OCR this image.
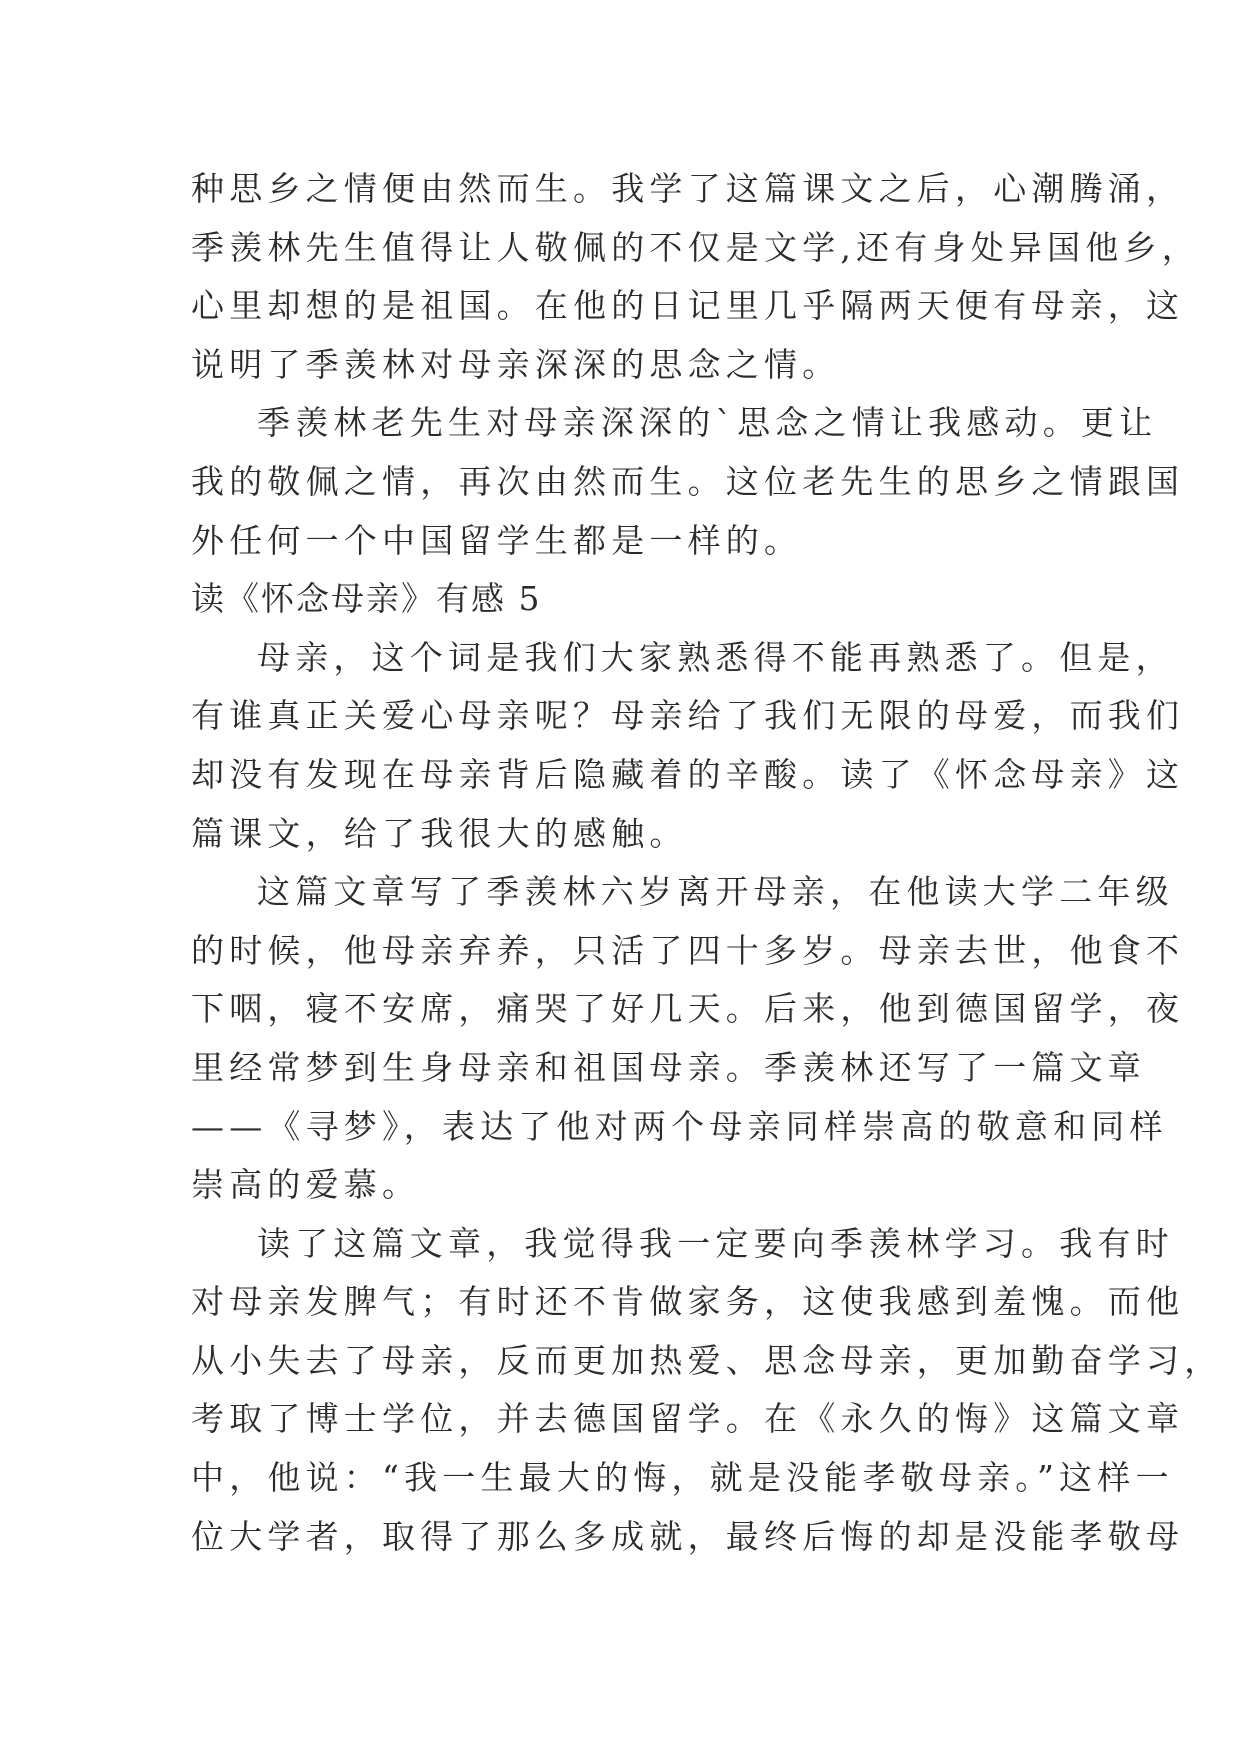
种思乡之情便由然而生。我学了这篇课文之后，心潮腾涌，
季羡林先生值得让人敬佩的不仅是文学,还有身处异国他乡，
心里却想的是祖国。在他的日记里几乎隔两天便有母亲，这
说明了季羡林对母亲深深的思念之情。
季羡林老先生对母亲深深的`思念之情让我感动。更让
我的敬佩之情，再次由然而生。这位老先生的思乡之情跟国
外任何一个中国留学生都是一样的。
读《怀念母亲》有感 5
母亲，这个词是我们大家熟悉得不能再熟悉了。但是，
有谁真正关爱心母亲呢？母亲给了我们无限的母爱，而我们
却没有发现在母亲背后隐藏着的辛酸。读了《怀念母亲》这
篇课文，给了我很大的感触。
这篇文章写了季羡林六岁离开母亲，在他读大学二年级
的时候，他母亲弃养，只活了四十多岁。母亲去世，他食不
下咽，寝不安席，痛哭了好几天。后来，他到德国留学，夜
里经常梦到生身母亲和祖国母亲。季羡林还写了一篇文章
——《寻梦》，表达了他对两个母亲同样崇高的敬意和同样
崇高的爱慕。
读了这篇文章，我觉得我一定要向季羡林学习。我有时
对母亲发脾气；有时还不肯做家务，这使我感到羞愧。而他
从小失去了母亲，反而更加热爱、思念母亲，更加勤奋学习，
考取了博士学位，并去德国留学。在《永久的悔》这篇文章
中，他说：“我一生最大的悔，就是没能孝敬母亲。”这样一
位大学者，取得了那么多成就，最终后悔的却是没能孝敬母
